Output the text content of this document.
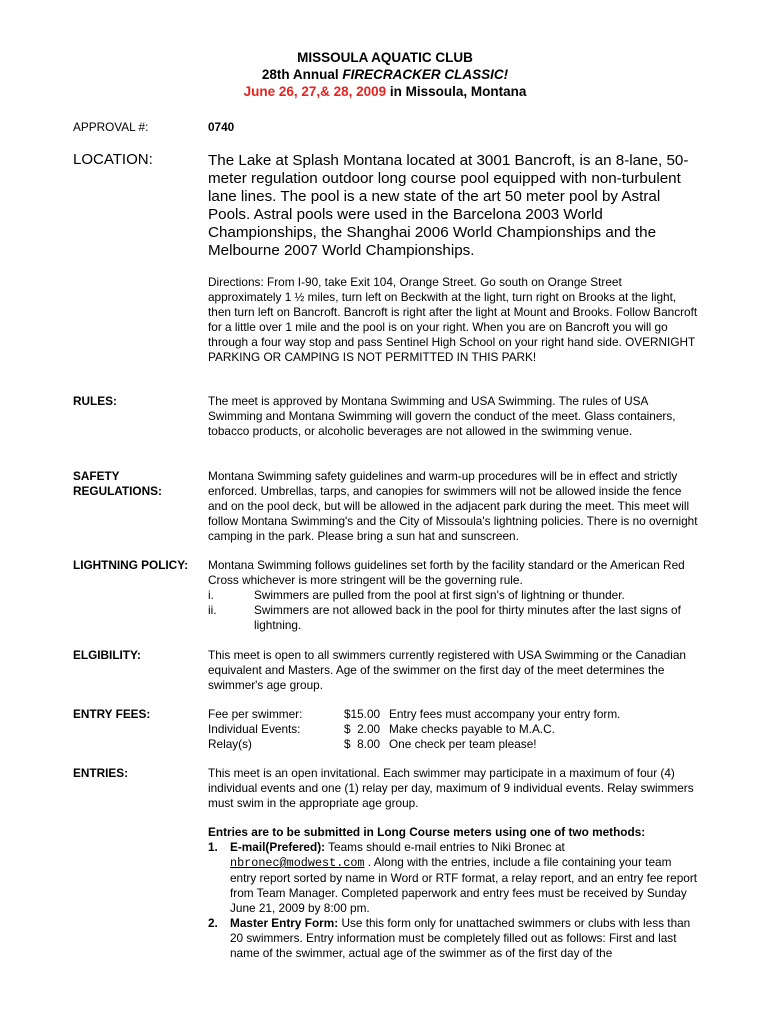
MISSOULA AQUATIC CLUB
28th Annual FIRECRACKER CLASSIC!
June 26, 27,& 28, 2009 in Missoula, Montana
APPROVAL #:	0740
LOCATION:	The Lake at Splash Montana located at 3001 Bancroft, is an 8-lane, 50-meter regulation outdoor long course pool equipped with non-turbulent lane lines. The pool is a new state of the art 50 meter pool by Astral Pools. Astral pools were used in the Barcelona 2003 World Championships, the Shanghai 2006 World Championships and the Melbourne 2007 World Championships.
Directions: From I-90, take Exit 104, Orange Street. Go south on Orange Street approximately 1 ½ miles, turn left on Beckwith at the light, turn right on Brooks at the light, then turn left on Bancroft. Bancroft is right after the light at Mount and Brooks. Follow Bancroft for a little over 1 mile and the pool is on your right. When you are on Bancroft you will go through a four way stop and pass Sentinel High School on your right hand side. OVERNIGHT PARKING OR CAMPING IS NOT PERMITTED IN THIS PARK!
RULES:	The meet is approved by Montana Swimming and USA Swimming. The rules of USA Swimming and Montana Swimming will govern the conduct of the meet. Glass containers, tobacco products, or alcoholic beverages are not allowed in the swimming venue.
SAFETY
REGULATIONS:
Montana Swimming safety guidelines and warm-up procedures will be in effect and strictly enforced. Umbrellas, tarps, and canopies for swimmers will not be allowed inside the fence and on the pool deck, but will be allowed in the adjacent park during the meet. This meet will follow Montana Swimming's and the City of Missoula's lightning policies. There is no overnight camping in the park. Please bring a sun hat and sunscreen.
LIGHTNING POLICY: Montana Swimming follows guidelines set forth by the facility standard or the American Red Cross whichever is more stringent will be the governing rule.
i.	Swimmers are pulled from the pool at first sign's of lightning or thunder.
ii.	Swimmers are not allowed back in the pool for thirty minutes after the last signs of lightning.
ELGIBILITY:	This meet is open to all swimmers currently registered with USA Swimming or the Canadian equivalent and Masters. Age of the swimmer on the first day of the meet determines the swimmer's age group.
ENTRY FEES:	Fee per swimmer:	$15.00 Entry fees must accompany your entry form.
Individual Events:	$  2.00 Make checks payable to M.A.C.
Relay(s)	$  8.00 One check per team please!
ENTRIES:	This meet is an open invitational. Each swimmer may participate in a maximum of four (4) individual events and one (1) relay per day, maximum of 9 individual events. Relay swimmers must swim in the appropriate age group.
Entries are to be submitted in Long Course meters using one of two methods:
1. E-mail(Prefered): Teams should e-mail entries to Niki Bronec at
nbronec@modwest.com . Along with the entries, include a file containing your team entry report sorted by name in Word or RTF format, a relay report, and an entry fee report from Team Manager. Completed paperwork and entry fees must be received by Sunday June 21, 2009 by 8:00 pm.
2. Master Entry Form: Use this form only for unattached swimmers or clubs with less than 20 swimmers. Entry information must be completely filled out as follows: First and last name of the swimmer, actual age of the swimmer as of the first day of the
